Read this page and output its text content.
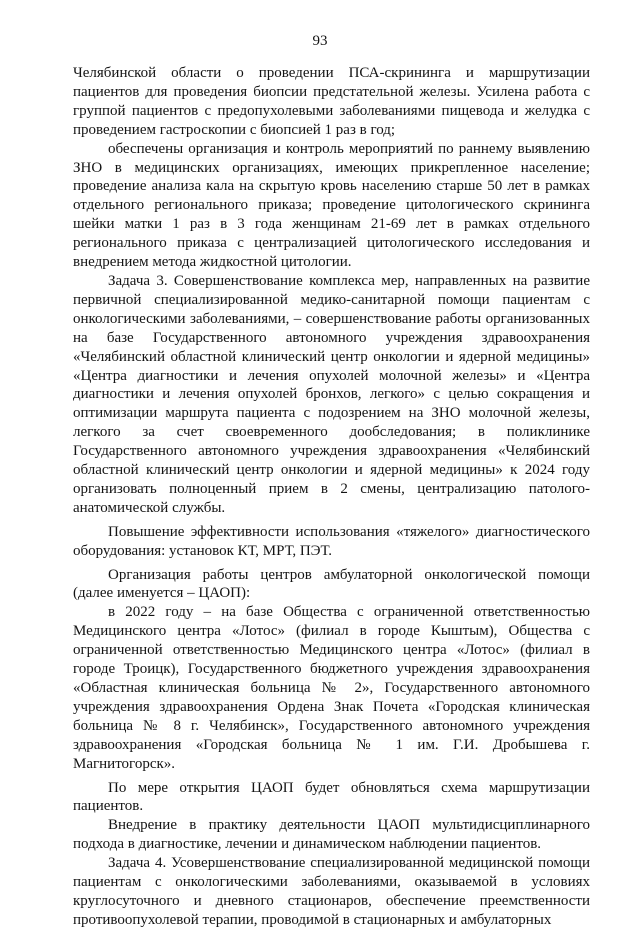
93

Челябинской области о проведении ПСА-скрининга и маршрутизации пациентов для проведения биопсии предстательной железы. Усилена работа с группой пациентов с предопухолевыми заболеваниями пищевода и желудка с проведением гастроскопии с биопсией 1 раз в год;

обеспечены организация и контроль мероприятий по раннему выявлению ЗНО в медицинских организациях, имеющих прикрепленное население; проведение анализа кала на скрытую кровь населению старше 50 лет в рамках отдельного регионального приказа; проведение цитологического скрининга шейки матки 1 раз в 3 года женщинам 21-69 лет в рамках отдельного регионального приказа с централизацией цитологического исследования и внедрением метода жидкостной цитологии.

Задача 3. Совершенствование комплекса мер, направленных на развитие первичной специализированной медико-санитарной помощи пациентам с онкологическими заболеваниями, – совершенствование работы организованных на базе Государственного автономного учреждения здравоохранения «Челябинский областной клинический центр онкологии и ядерной медицины» «Центра диагностики и лечения опухолей молочной железы» и «Центра диагностики и лечения опухолей бронхов, легкого» с целью сокращения и оптимизации маршрута пациента с подозрением на ЗНО молочной железы, легкого за счет своевременного дообследования; в поликлинике Государственного автономного учреждения здравоохранения «Челябинский областной клинический центр онкологии и ядерной медицины» к 2024 году организовать полноценный прием в 2 смены, централизацию патолого-анатомической службы.

Повышение эффективности использования «тяжелого» диагностического оборудования: установок КТ, МРТ, ПЭТ.

Организация работы центров амбулаторной онкологической помощи (далее именуется – ЦАОП):

в 2022 году – на базе Общества с ограниченной ответственностью Медицинского центра «Лотос» (филиал в городе Кыштым), Общества с ограниченной ответственностью Медицинского центра «Лотос» (филиал в городе Троицк), Государственного бюджетного учреждения здравоохранения «Областная клиническая больница № 2», Государственного автономного учреждения здравоохранения Ордена Знак Почета «Городская клиническая больница № 8 г. Челябинск», Государственного автономного учреждения здравоохранения «Городская больница № 1 им. Г.И. Дробышева г. Магнитогорск».

По мере открытия ЦАОП будет обновляться схема маршрутизации пациентов.

Внедрение в практику деятельности ЦАОП мультидисциплинарного подхода в диагностике, лечении и динамическом наблюдении пациентов.

Задача 4. Усовершенствование специализированной медицинской помощи пациентам с онкологическими заболеваниями, оказываемой в условиях круглосуточного и дневного стационаров, обеспечение преемственности противоопухолевой терапии, проводимой в стационарных и амбулаторных
